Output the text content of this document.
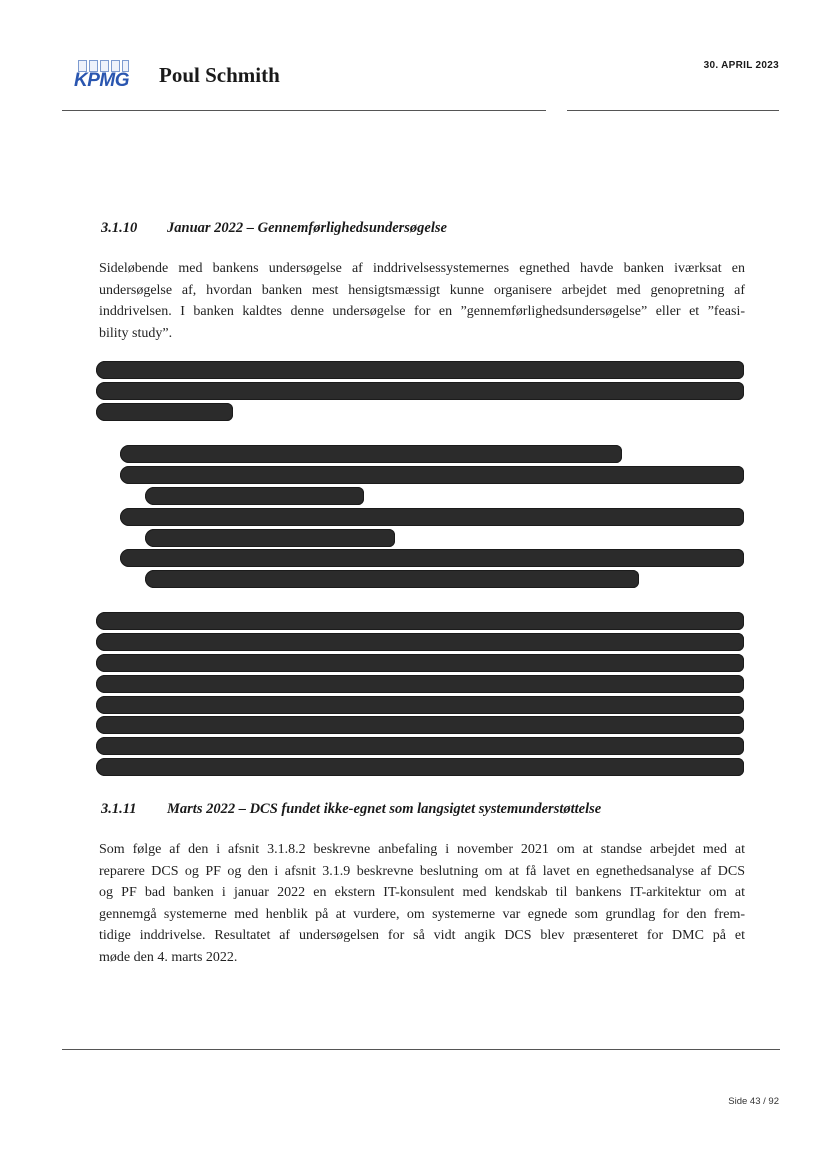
KPMG Poul Schmith	30. APRIL 2023
3.1.10 Januar 2022 – Gennemførlighedsundersøgelse
Sideløbende med bankens undersøgelse af inddrivelsessystemernes egnethed havde banken iværksat en
undersøgelse af, hvordan banken mest hensigtsmæssigt kunne organisere arbejdet med genopretning af
inddrivelsen. I banken kaldtes denne undersøgelse for en ”gennemførlighedsundersøgelse” eller et ”feasi-
bility study”.
3.1.11 Marts 2022 – DCS fundet ikke-egnet som langsigtet systemunderstøttelse
Som følge af den i afsnit 3.1.8.2 beskrevne anbefaling i november 2021 om at standse arbejdet med at
reparere DCS og PF og den i afsnit 3.1.9 beskrevne beslutning om at få lavet en egnethedsanalyse af DCS
og PF bad banken i januar 2022 en ekstern IT-konsulent med kendskab til bankens IT-arkitektur om at
gennemgå systemerne med henblik på at vurdere, om systemerne var egnede som grundlag for den frem-
tidige inddrivelse. Resultatet af undersøgelsen for så vidt angik DCS blev præsenteret for DMC på et
møde den 4. marts 2022.
Side 43 / 92
